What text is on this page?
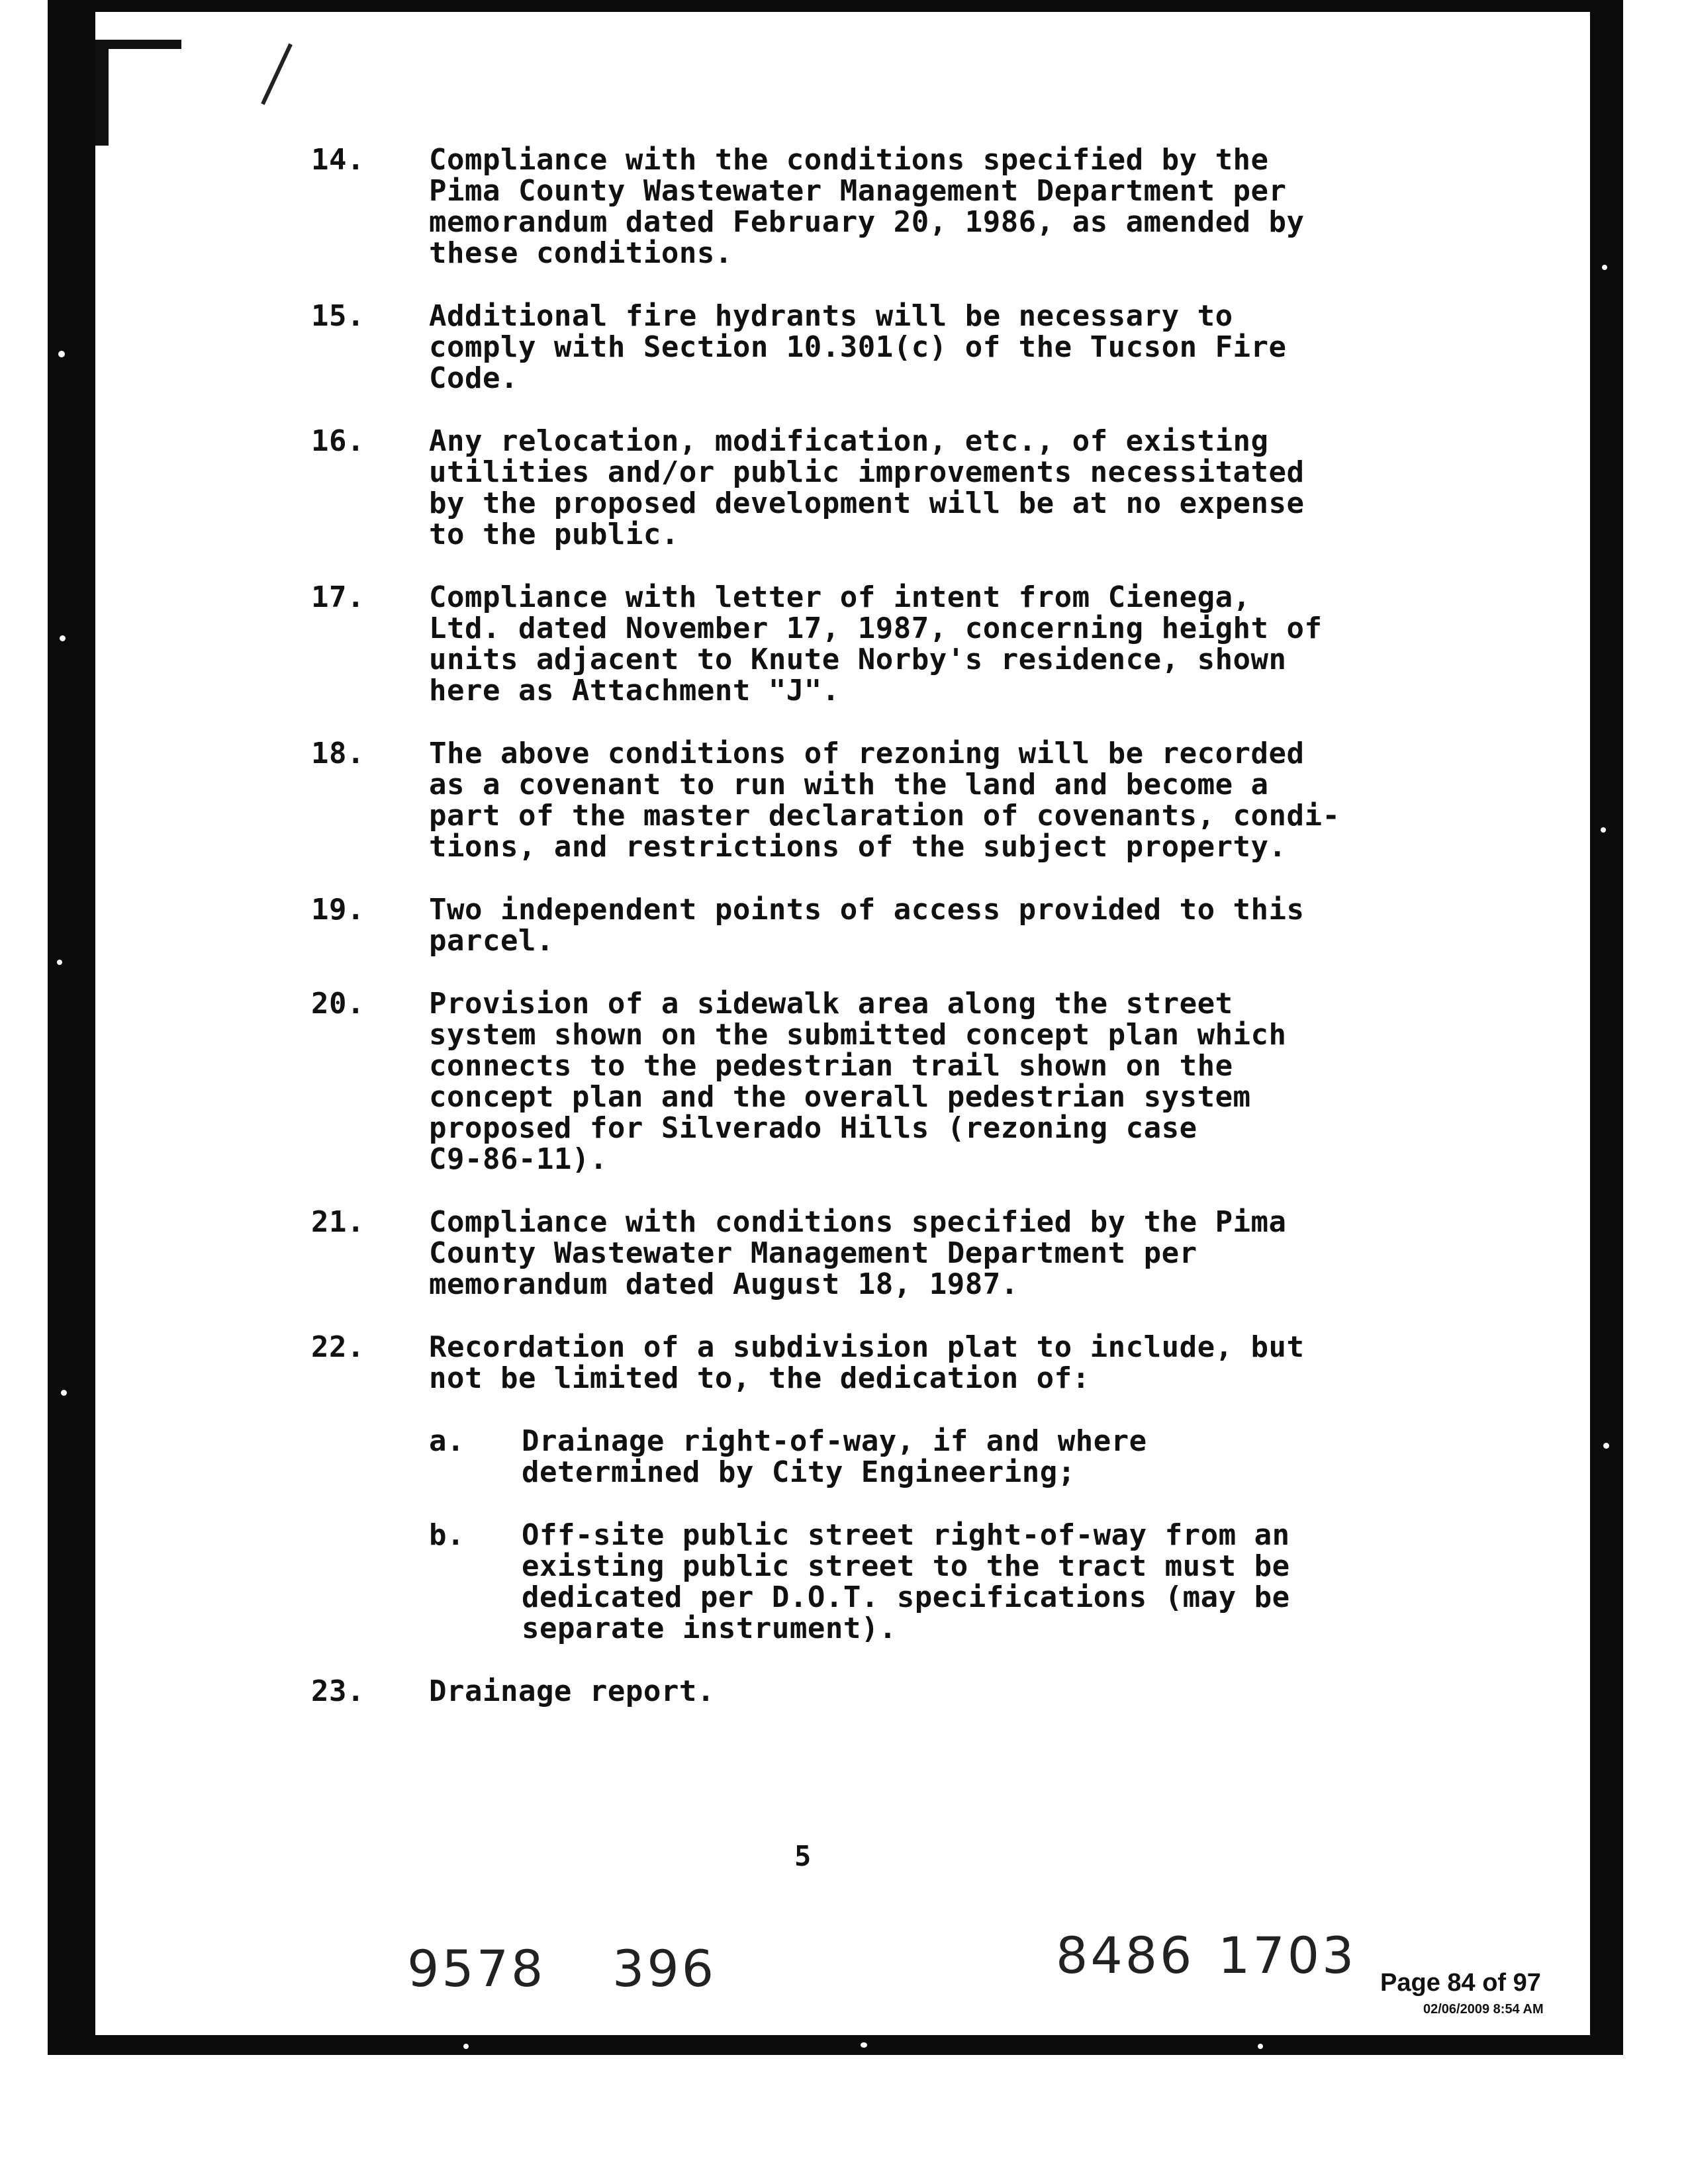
14.	Compliance with the conditions specified by the
Pima County Wastewater Management Department per
memorandum dated February 20, 1986, as amended by
these conditions.
15.	Additional fire hydrants will be necessary to
comply with Section 10.301(c) of the Tucson Fire
Code.
16.	Any relocation, modification, etc., of existing
utilities and/or public improvements necessitated
by the proposed development will be at no expense
to the public.
17.	Compliance with letter of intent from Cienega,
Ltd. dated November 17, 1987, concerning height of
units adjacent to Knute Norby's residence, shown
here as Attachment "J".
18.	The above conditions of rezoning will be recorded
as a covenant to run with the land and become a
part of the master declaration of covenants, condi-
tions, and restrictions of the subject property.
19.	Two independent points of access provided to this
parcel.
20.	Provision of a sidewalk area along the street
system shown on the submitted concept plan which
connects to the pedestrian trail shown on the
concept plan and the overall pedestrian system
proposed for Silverado Hills (rezoning case
C9-86-11).
21.	Compliance with conditions specified by the Pima
County Wastewater Management Department per
memorandum dated August 18, 1987.
22.	Recordation of a subdivision plat to include, but
not be limited to, the dedication of:
a.	Drainage right-of-way, if and where
determined by City Engineering;
b.	Off-site public street right-of-way from an
existing public street to the tract must be
dedicated per D.O.T. specifications (may be
separate instrument).
23.	Drainage report.
5
9578 396	8486 1703 Page 84 of 97
02/06/2009 8:54 AM
